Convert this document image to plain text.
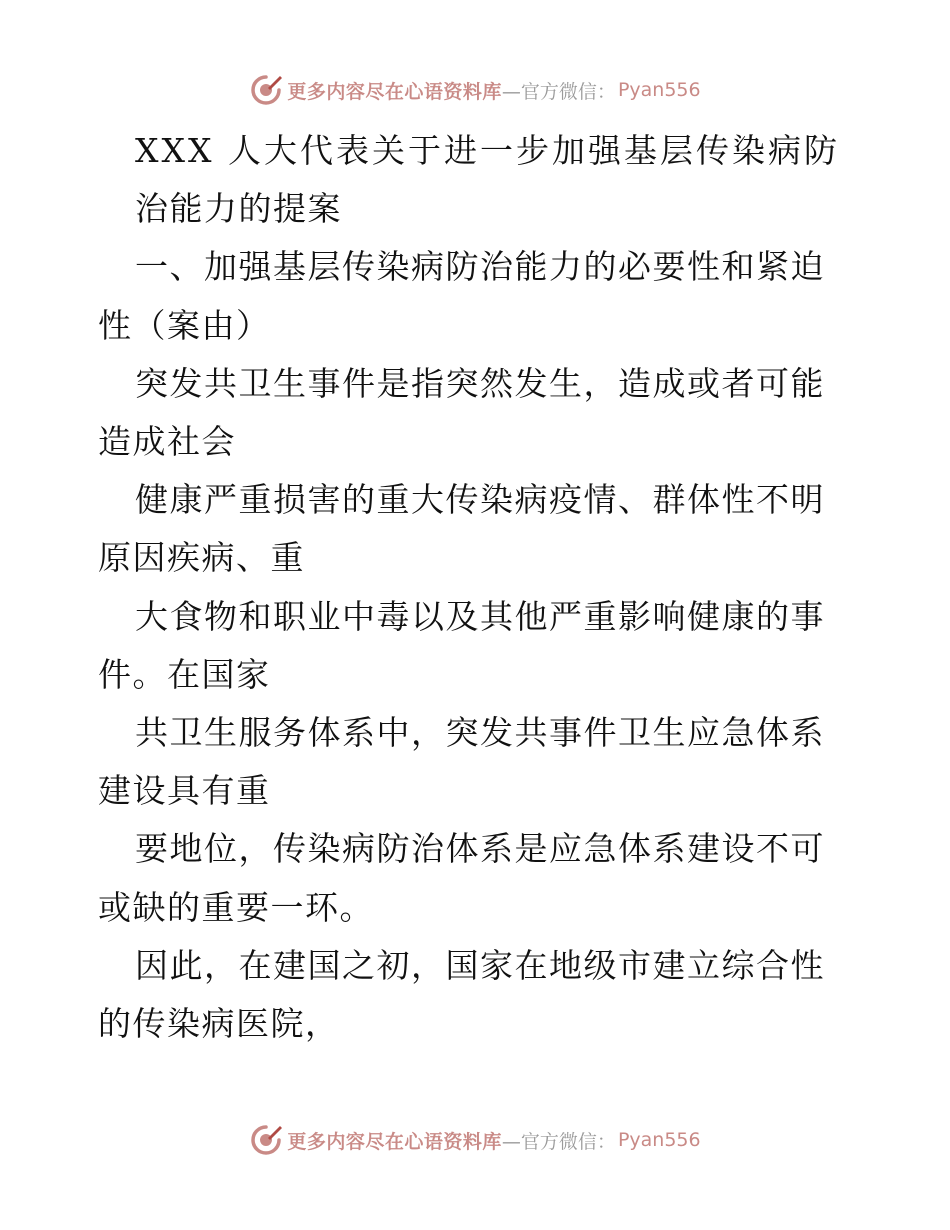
更多内容尽在心语资料库 —官方微信： Pyan556

XXX 人大代表关于进一步加强基层传染病防

治能力的提案

一、加强基层传染病防治能力的必要性和紧迫性（案由）

突发共卫生事件是指突然发生，造成或者可能造成社会

健康严重损害的重大传染病疫情、群体性不明原因疾病、重

大食物和职业中毒以及其他严重影响健康的事件。在国家

共卫生服务体系中，突发共事件卫生应急体系建设具有重

要地位，传染病防治体系是应急体系建设不可或缺的重要一环。

因此，在建国之初，国家在地级市建立综合性的传染病医院，

更多内容尽在心语资料库 —官方微信： Pyan556
